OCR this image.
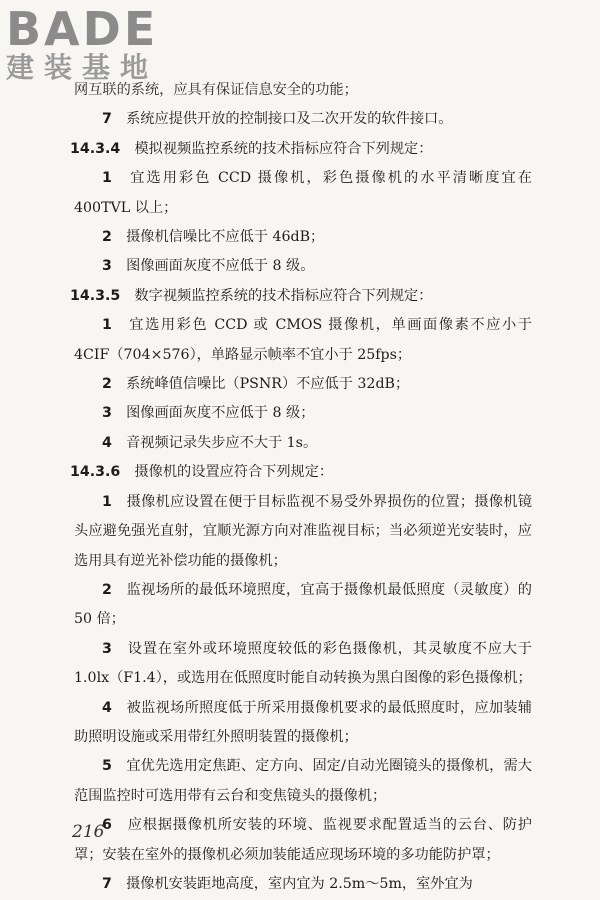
BADE
建装基地

网互联的系统，应具有保证信息安全的功能；

7　 系统应提供开放的控制接口及二次开发的软件接口。

14.3.4　 模拟视频监控系统的技术指标应符合下列规定：

1　 宜选用彩色 CCD 摄像机，彩色摄像机的水平清晰度宜在400TVL 以上；

2　 摄像机信噪比不应低于 46dB；

3　 图像画面灰度不应低于 8 级。

14.3.5　 数字视频监控系统的技术指标应符合下列规定：

1　 宜选用彩色 CCD 或 CMOS 摄像机，单画面像素不应小于 4CIF（704×576），单路显示帧率不宜小于 25fps；

2　 系统峰值信噪比（PSNR）不应低于 32dB；

3　 图像画面灰度不应低于 8 级；

4　 音视频记录失步应不大于 1s。

14.3.6　 摄像机的设置应符合下列规定：

1　 摄像机应设置在便于目标监视不易受外界损伤的位置；摄像机镜头应避免强光直射，宜顺光源方向对准监视目标；当必须逆光安装时，应选用具有逆光补偿功能的摄像机；

2　 监视场所的最低环境照度，宜高于摄像机最低照度（灵敏度）的 50 倍；

3　 设置在室外或环境照度较低的彩色摄像机，其灵敏度不应大于 1.0lx（F1.4），或选用在低照度时能自动转换为黑白图像的彩色摄像机；

4　 被监视场所照度低于所采用摄像机要求的最低照度时，应加装辅助照明设施或采用带红外照明装置的摄像机；

5　 宜优先选用定焦距、定方向、固定/自动光圈镜头的摄像机，需大范围监控时可选用带有云台和变焦镜头的摄像机；

6　 应根据摄像机所安装的环境、监视要求配置适当的云台、防护罩；安装在室外的摄像机必须加装能适应现场环境的多功能防护罩；

7　 摄像机安装距地高度，室内宜为 2.5m～5m，室外宜为

216
